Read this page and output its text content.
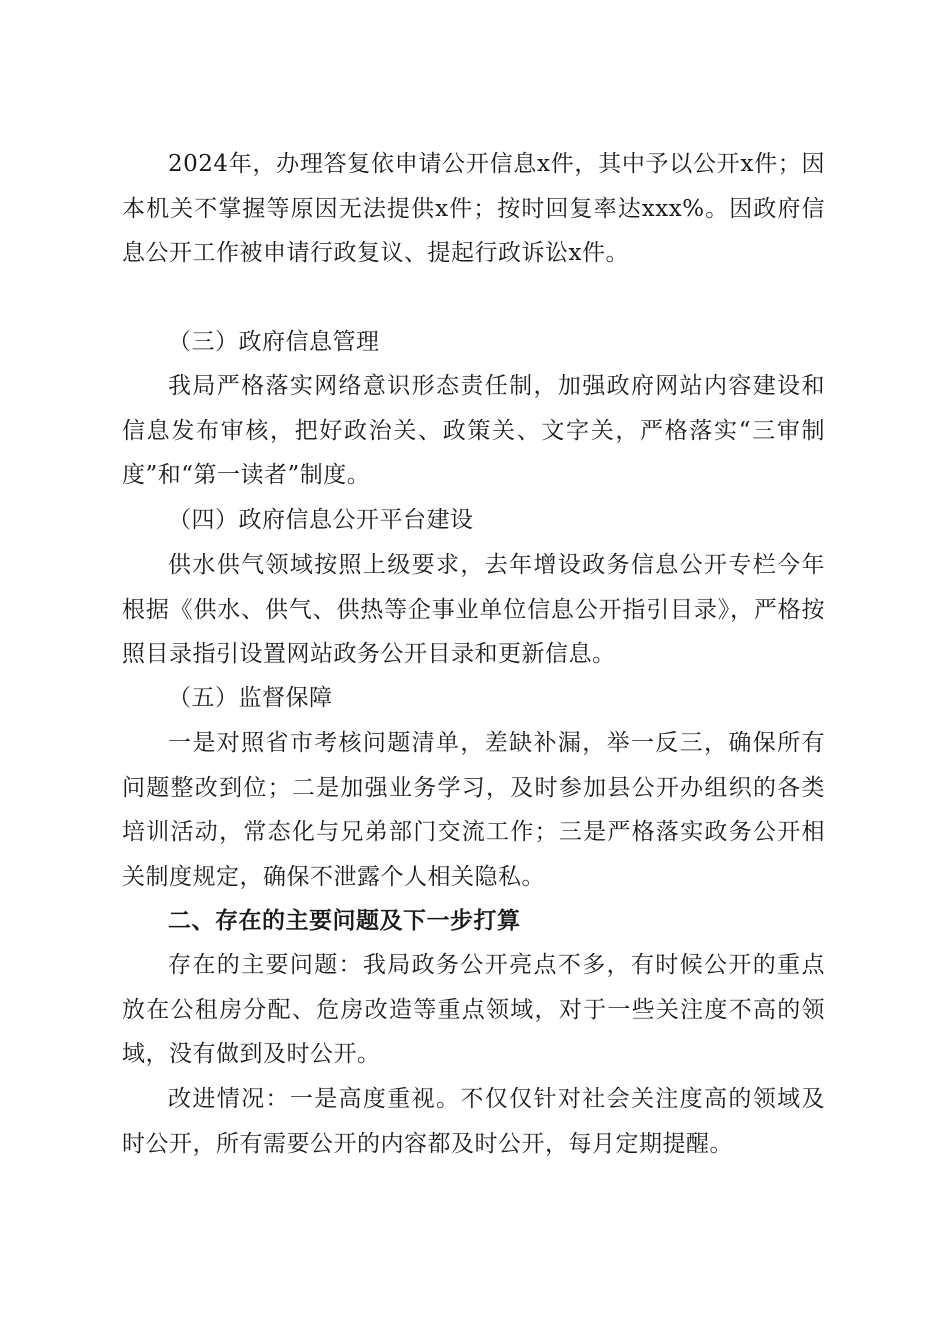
2024年，办理答复依申请公开信息x件，其中予以公开x件；因本机关不掌握等原因无法提供x件；按时回复率达xxx%。因政府信息公开工作被申请行政复议、提起行政诉讼x件。

（三）政府信息管理

我局严格落实网络意识形态责任制，加强政府网站内容建设和信息发布审核，把好政治关、政策关、文字关，严格落实“三审制度”和“第一读者”制度。

（四）政府信息公开平台建设

供水供气领域按照上级要求，去年增设政务信息公开专栏今年根据《供水、供气、供热等企事业单位信息公开指引目录》，严格按照目录指引设置网站政务公开目录和更新信息。

（五）监督保障

一是对照省市考核问题清单，差缺补漏，举一反三，确保所有问题整改到位；二是加强业务学习，及时参加县公开办组织的各类培训活动，常态化与兄弟部门交流工作；三是严格落实政务公开相关制度规定，确保不泄露个人相关隐私。

二、存在的主要问题及下一步打算

存在的主要问题：我局政务公开亮点不多，有时候公开的重点放在公租房分配、危房改造等重点领域，对于一些关注度不高的领域，没有做到及时公开。

改进情况：一是高度重视。不仅仅针对社会关注度高的领域及时公开，所有需要公开的内容都及时公开，每月定期提醒。
